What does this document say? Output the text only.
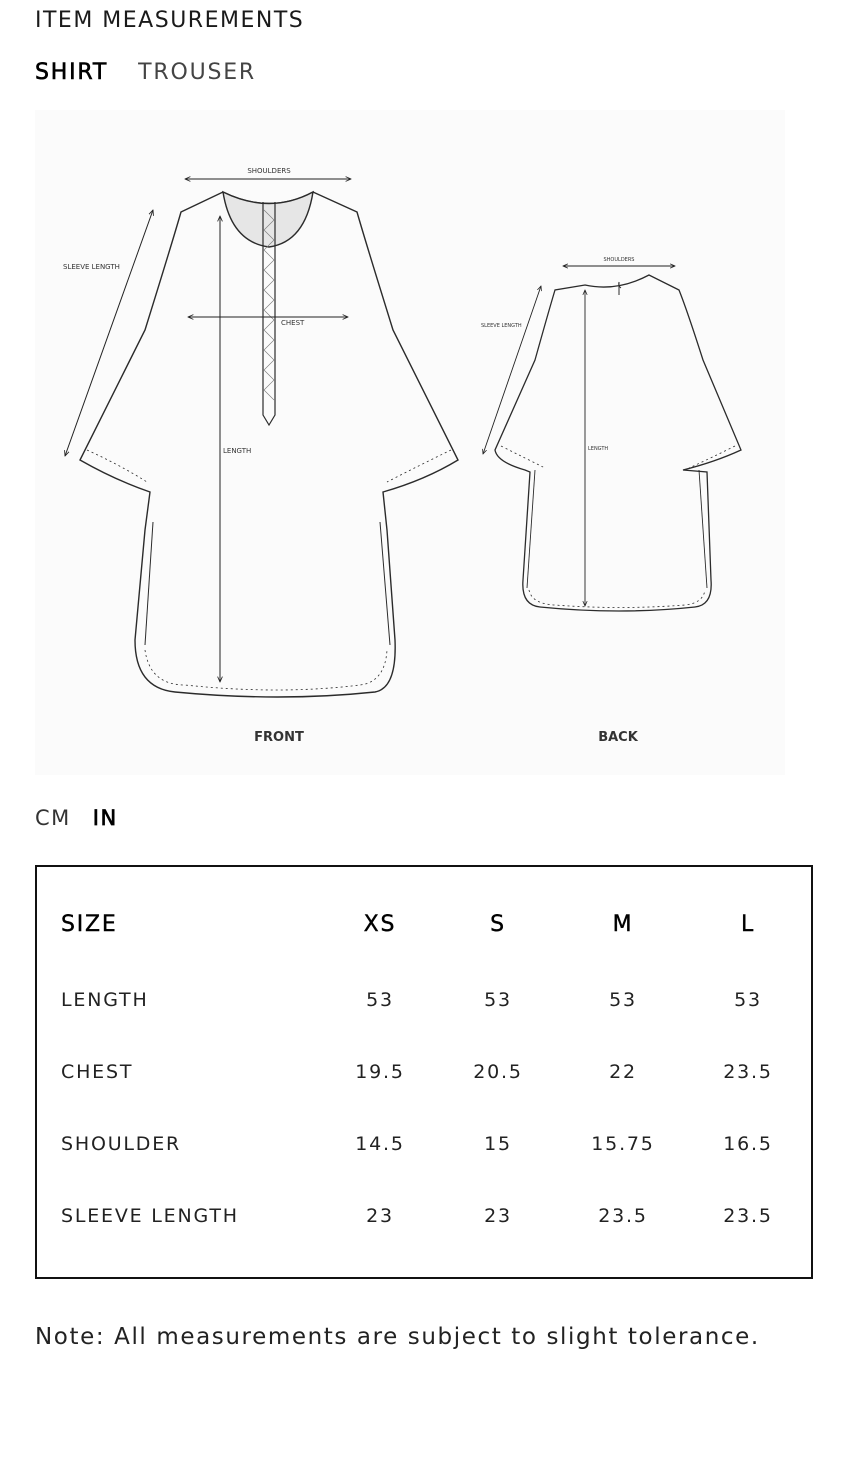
ITEM MEASUREMENTS
SHIRT TROUSER
SHOULDERS
SLEEVE LENGTH
CHEST
LENGTH
FRONT
SHOULDERS
SLEEVE LENGTH
LENGTH
BACK
CM IN
SIZE	XS	S	M	L
LENGTH	53	53	53	53
CHEST	19.5	20.5	22	23.5
SHOULDER	14.5	15	15.75	16.5
SLEEVE LENGTH	23	23	23.5	23.5
Note: All measurements are subject to slight tolerance.
